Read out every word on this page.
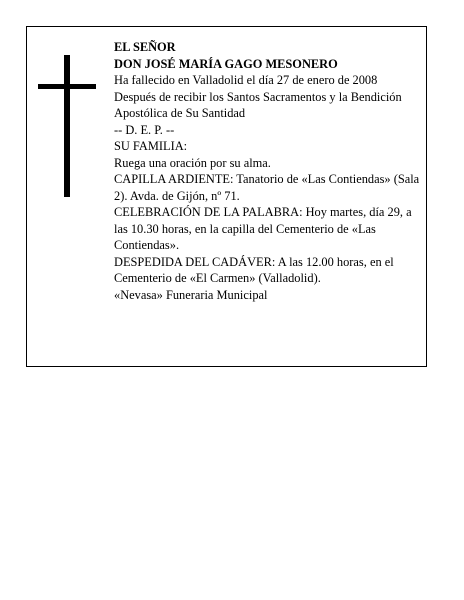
EL SEÑOR

DON JOSÉ MARÍA GAGO MESONERO

Ha fallecido en Valladolid el día 27 de enero de 2008

Después de recibir los Santos Sacramentos y la Bendición Apostólica de Su Santidad

-- D. E. P. --

SU FAMILIA:

Ruega una oración por su alma.

CAPILLA ARDIENTE: Tanatorio de «Las Contiendas» (Sala 2). Avda. de Gijón, nº 71.

CELEBRACIÓN DE LA PALABRA: Hoy martes, día 29, a las 10.30 horas, en la capilla del Cementerio de «Las Contiendas».

DESPEDIDA DEL CADÁVER: A las 12.00 horas, en el Cementerio de «El Carmen» (Valladolid).

«Nevasa» Funeraria Municipal
